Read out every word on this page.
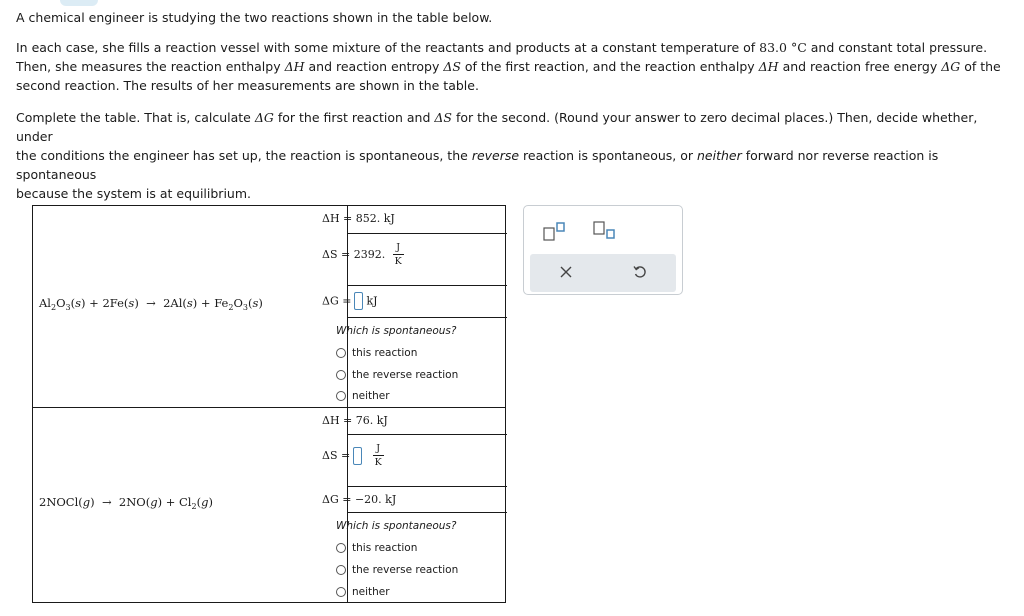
A chemical engineer is studying the two reactions shown in the table below.
In each case, she fills a reaction vessel with some mixture of the reactants and products at a constant temperature of 83.0 °C and constant total pressure.
Then, she measures the reaction enthalpy ΔH and reaction entropy ΔS of the first reaction, and the reaction enthalpy ΔH and reaction free energy ΔG of the
second reaction. The results of her measurements are shown in the table.
Complete the table. That is, calculate ΔG for the first reaction and ΔS for the second. (Round your answer to zero decimal places.) Then, decide whether, under
the conditions the engineer has set up, the reaction is spontaneous, the reverse reaction is spontaneous, or neither forward nor reverse reaction is spontaneous
because the system is at equilibrium.
$Al_2O_3(s) + 2Fe(s) \to 2Al(s) + Fe_2O_3(s)$
ΔH = 852. kJ
ΔS = 2392. $\frac{J}{K}$
ΔG = kJ
Which is spontaneous?
this reaction
the reverse reaction
neither
2NOCl(g)  →  $2NO(g) + Cl_2(g)$
ΔH = 76. kJ
$\Delta S = \frac{J}{K}$
ΔG = −20. kJ
Which is spontaneous?
this reaction
the reverse reaction
neither
